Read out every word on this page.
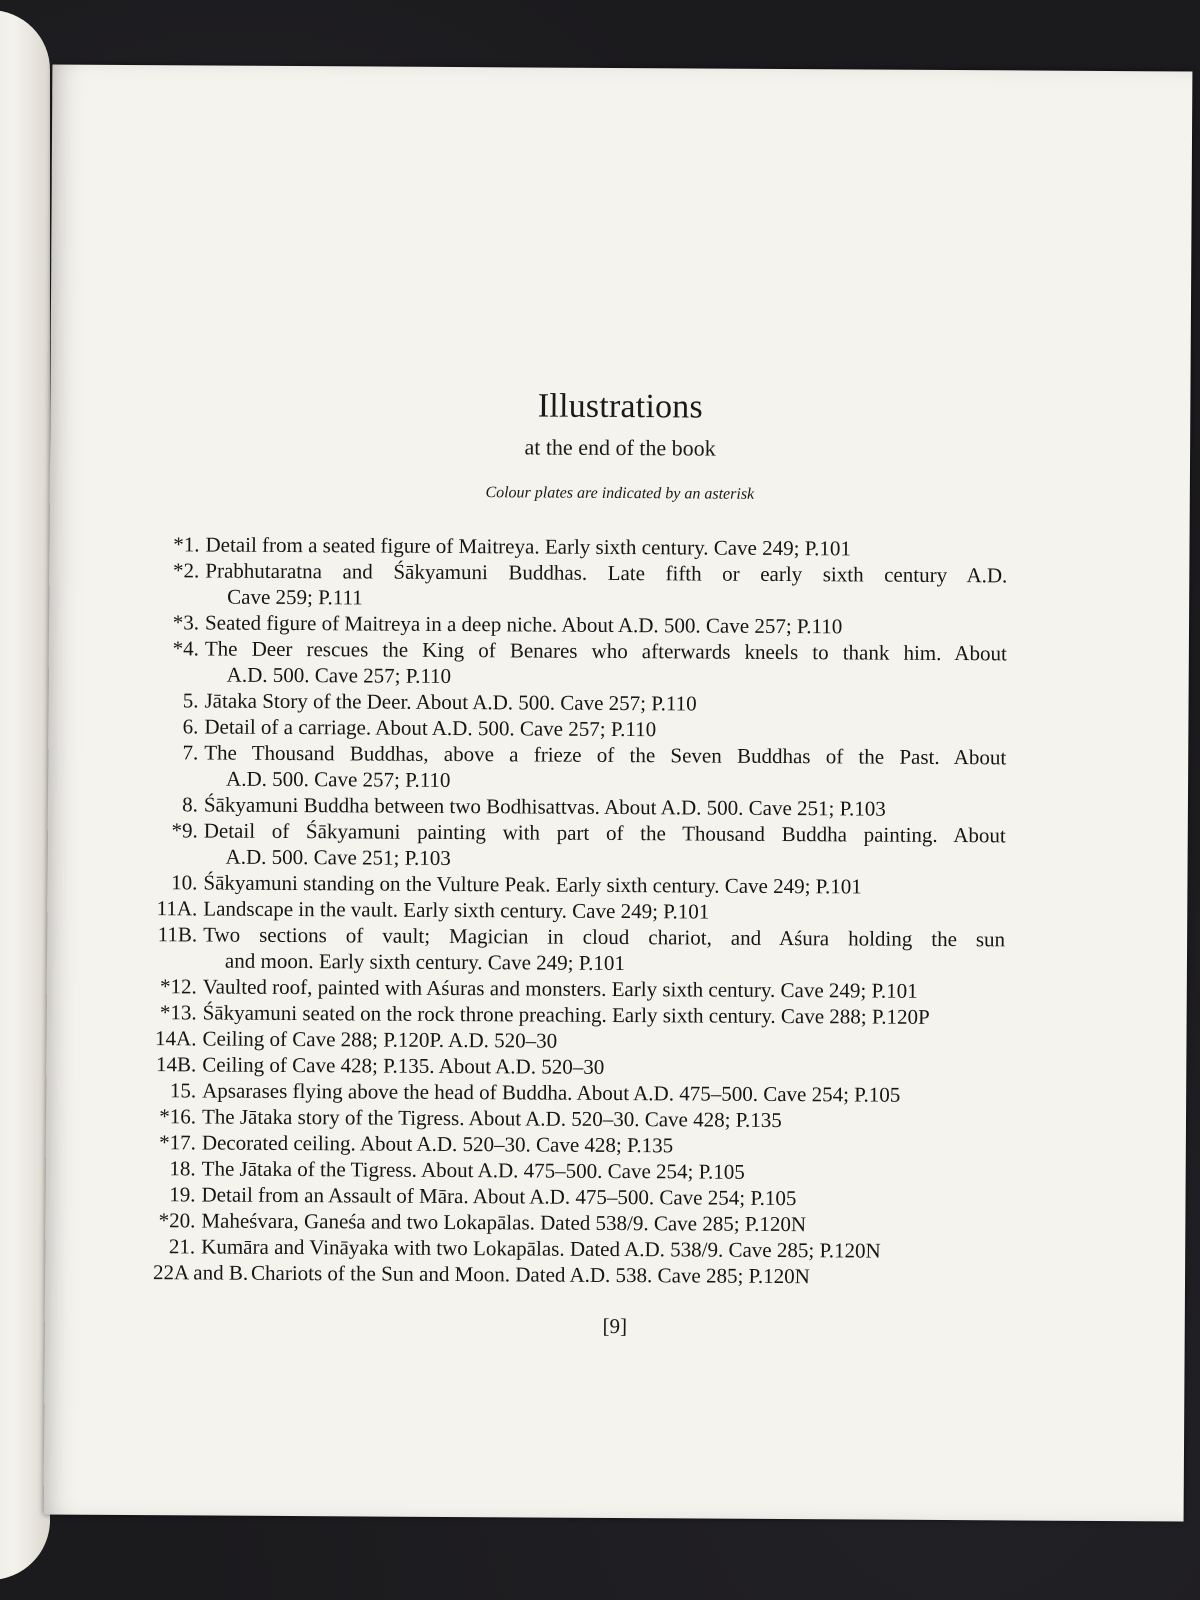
Illustrations
at the end of the book
Colour plates are indicated by an asterisk
*1. Detail from a seated figure of Maitreya. Early sixth century. Cave 249; P.101
*2. Prabhutaratna and Śākyamuni Buddhas. Late fifth or early sixth century A.D.
Cave 259; P.111
*3. Seated figure of Maitreya in a deep niche. About A.D. 500. Cave 257; P.110
*4. The Deer rescues the King of Benares who afterwards kneels to thank him. About
A.D. 500. Cave 257; P.110
5. Jātaka Story of the Deer. About A.D. 500. Cave 257; P.110
6. Detail of a carriage. About A.D. 500. Cave 257; P.110
7. The Thousand Buddhas, above a frieze of the Seven Buddhas of the Past. About
A.D. 500. Cave 257; P.110
8. Śākyamuni Buddha between two Bodhisattvas. About A.D. 500. Cave 251; P.103
*9. Detail of Śākyamuni painting with part of the Thousand Buddha painting. About
A.D. 500. Cave 251; P.103
10. Śākyamuni standing on the Vulture Peak. Early sixth century. Cave 249; P.101
11A. Landscape in the vault. Early sixth century. Cave 249; P.101
11B. Two sections of vault; Magician in cloud chariot, and Aśura holding the sun
and moon. Early sixth century. Cave 249; P.101
*12. Vaulted roof, painted with Aśuras and monsters. Early sixth century. Cave 249; P.101
*13. Śākyamuni seated on the rock throne preaching. Early sixth century. Cave 288; P.120P
14A. Ceiling of Cave 288; P.120P. A.D. 520–30
14B. Ceiling of Cave 428; P.135. About A.D. 520–30
15. Apsarases flying above the head of Buddha. About A.D. 475–500. Cave 254; P.105
*16. The Jātaka story of the Tigress. About A.D. 520–30. Cave 428; P.135
*17. Decorated ceiling. About A.D. 520–30. Cave 428; P.135
18. The Jātaka of the Tigress. About A.D. 475–500. Cave 254; P.105
19. Detail from an Assault of Māra. About A.D. 475–500. Cave 254; P.105
*20. Maheśvara, Ganeśa and two Lokapālas. Dated 538/9. Cave 285; P.120N
21. Kumāra and Vināyaka with two Lokapālas. Dated A.D. 538/9. Cave 285; P.120N
22A and B. Chariots of the Sun and Moon. Dated A.D. 538. Cave 285; P.120N
[9]
